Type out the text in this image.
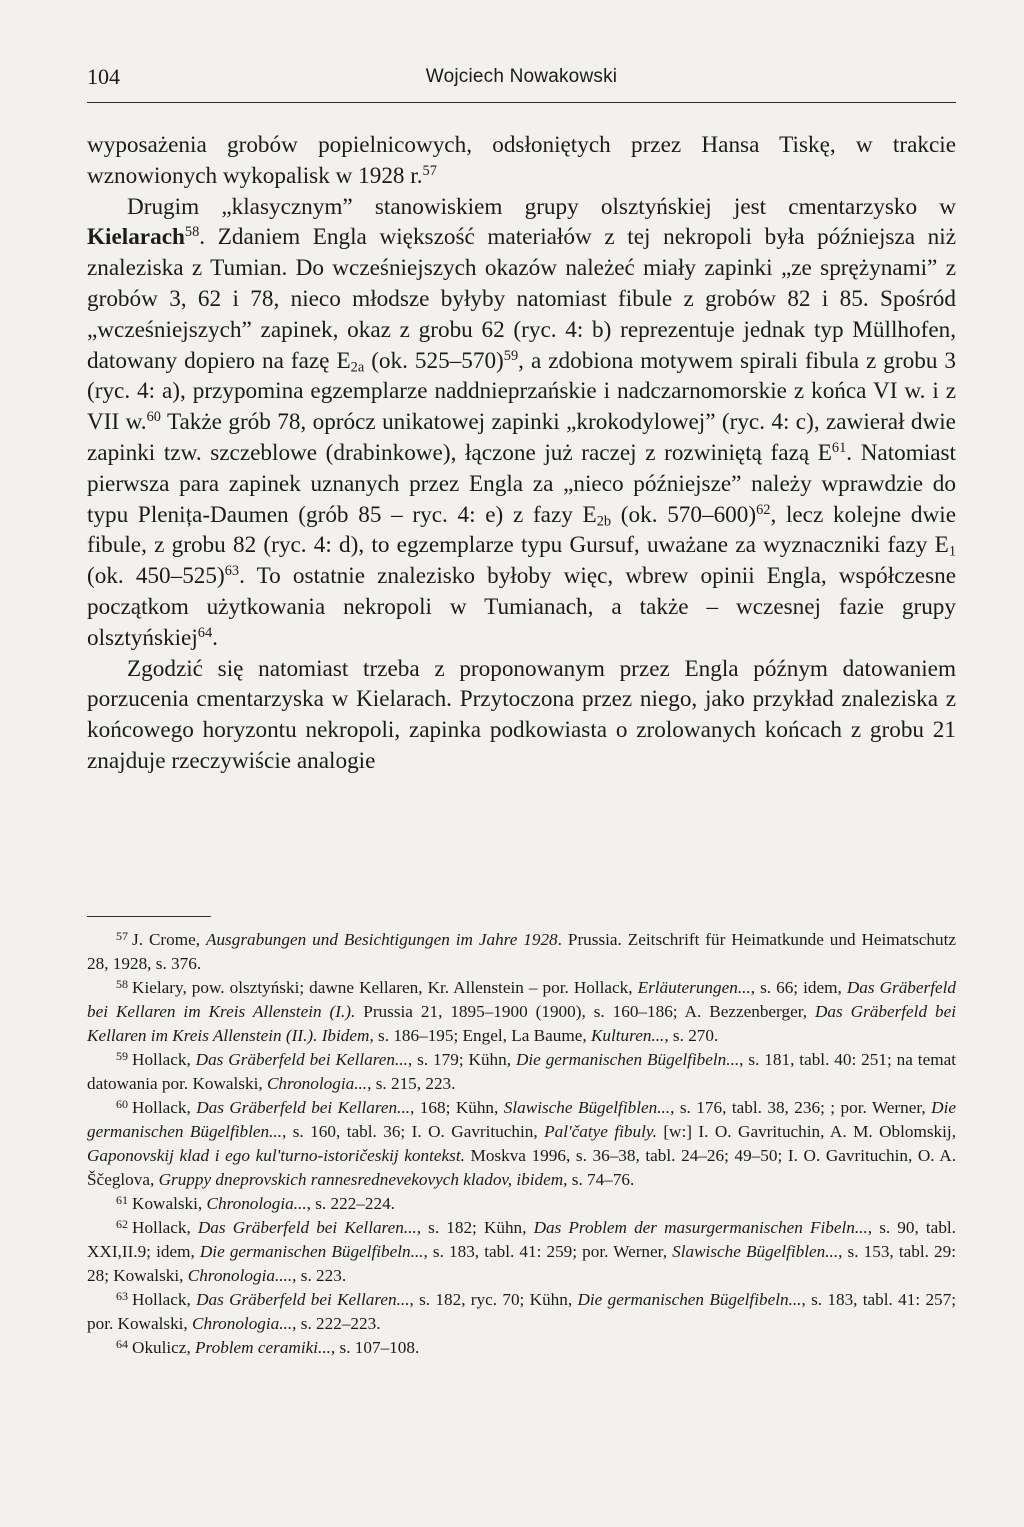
104	Wojciech Nowakowski

wyposażenia grobów popielnicowych, odsłoniętych przez Hansa Tiskę, w trakcie wznowionych wykopalisk w 1928 r.$^{57}$

Drugim „klasycznym” stanowiskiem grupy olsztyńskiej jest cmentarzysko w Kielarach$^{58}$. Zdaniem Engla większość materiałów z tej nekropoli była późniejsza niż znaleziska z Tumian. Do wcześniejszych okazów należeć miały zapinki „ze sprężynami” z grobów 3, 62 i 78, nieco młodsze byłyby natomiast fibule z grobów 82 i 85. Spośród „wcześniejszych” zapinek, okaz z grobu 62 (ryc. 4: b) reprezentuje jednak typ Müllhofen, datowany dopiero na fazę $E_{2a}$ (ok. 525–570)$^{59}$, a zdobiona motywem spirali fibula z grobu 3 (ryc. 4: a), przypomina egzemplarze naddnieprzańskie i nadczarnomorskie z końca VI w. i z VII w.$^{60}$ Także grób 78, oprócz unikatowej zapinki „krokodylowej” (ryc. 4: c), zawierał dwie zapinki tzw. szczeblowe (drabinkowe), łączone już raczej z rozwiniętą fazą $E^{61}$. Natomiast pierwsza para zapinek uznanych przez Engla za „nieco późniejsze” należy wprawdzie do typu Plenița-Daumen (grób 85 – ryc. 4: e) z fazy $E_{2b}$ (ok. 570–600)$^{62}$, lecz kolejne dwie fibule, z grobu 82 (ryc. 4: d), to egzemplarze typu Gursuf, uważane za wyznaczniki fazy $E_1$ (ok. 450–525)$^{63}$. To ostatnie znalezisko byłoby więc, wbrew opinii Engla, współczesne początkom użytkowania nekropoli w Tumianach, a także – wczesnej fazie grupy olsztyńskiej$^{64}$.

Zgodzić się natomiast trzeba z proponowanym przez Engla późnym datowaniem porzucenia cmentarzyska w Kielarach. Przytoczona przez niego, jako przykład znaleziska z końcowego horyzontu nekropoli, zapinka podkowiasta o zrolowanych końcach z grobu 21 znajduje rzeczywiście analogie

$^{57}$ J. Crome, Ausgrabungen und Besichtigungen im Jahre 1928. Prussia. Zeitschrift für Heimatkunde und Heimatschutz 28, 1928, s. 376.

$^{58}$ Kielary, pow. olsztyński; dawne Kellaren, Kr. Allenstein – por. Hollack, Erläuterungen..., s. 66; idem, Das Gräberfeld bei Kellaren im Kreis Allenstein (I.). Prussia 21, 1895–1900 (1900), s. 160–186; A. Bezzenberger, Das Gräberfeld bei Kellaren im Kreis Allenstein (II.). Ibidem, s. 186–195; Engel, La Baume, Kulturen..., s. 270.

$^{59}$ Hollack, Das Gräberfeld bei Kellaren..., s. 179; Kühn, Die germanischen Bügelfibeln..., s. 181, tabl. 40: 251; na temat datowania por. Kowalski, Chronologia..., s. 215, 223.

$^{60}$ Hollack, Das Gräberfeld bei Kellaren..., 168; Kühn, Slawische Bügelfiblen..., s. 176, tabl. 38, 236; ; por. Werner, Die germanischen Bügelfiblen..., s. 160, tabl. 36; I. O. Gavrituchin, Pal'čatye fibuly. [w:] I. O. Gavrituchin, A. M. Oblomskij, Gaponovskij klad i ego kul'turno-istoričeskij kontekst. Moskva 1996, s. 36–38, tabl. 24–26; 49–50; I. O. Gavrituchin, O. A. Ščeglova, Gruppy dneprovskich rannesrednevekovych kladov, ibidem, s. 74–76.

$^{61}$ Kowalski, Chronologia..., s. 222–224.

$^{62}$ Hollack, Das Gräberfeld bei Kellaren..., s. 182; Kühn, Das Problem der masurgermanischen Fibeln..., s. 90, tabl. XXI,II.9; idem, Die germanischen Bügelfibeln..., s. 183, tabl. 41: 259; por. Werner, Slawische Bügelfiblen..., s. 153, tabl. 29: 28; Kowalski, Chronologia...., s. 223.

$^{63}$ Hollack, Das Gräberfeld bei Kellaren..., s. 182, ryc. 70; Kühn, Die germanischen Bügelfibeln..., s. 183, tabl. 41: 257; por. Kowalski, Chronologia..., s. 222–223.

$^{64}$ Okulicz, Problem ceramiki..., s. 107–108.
